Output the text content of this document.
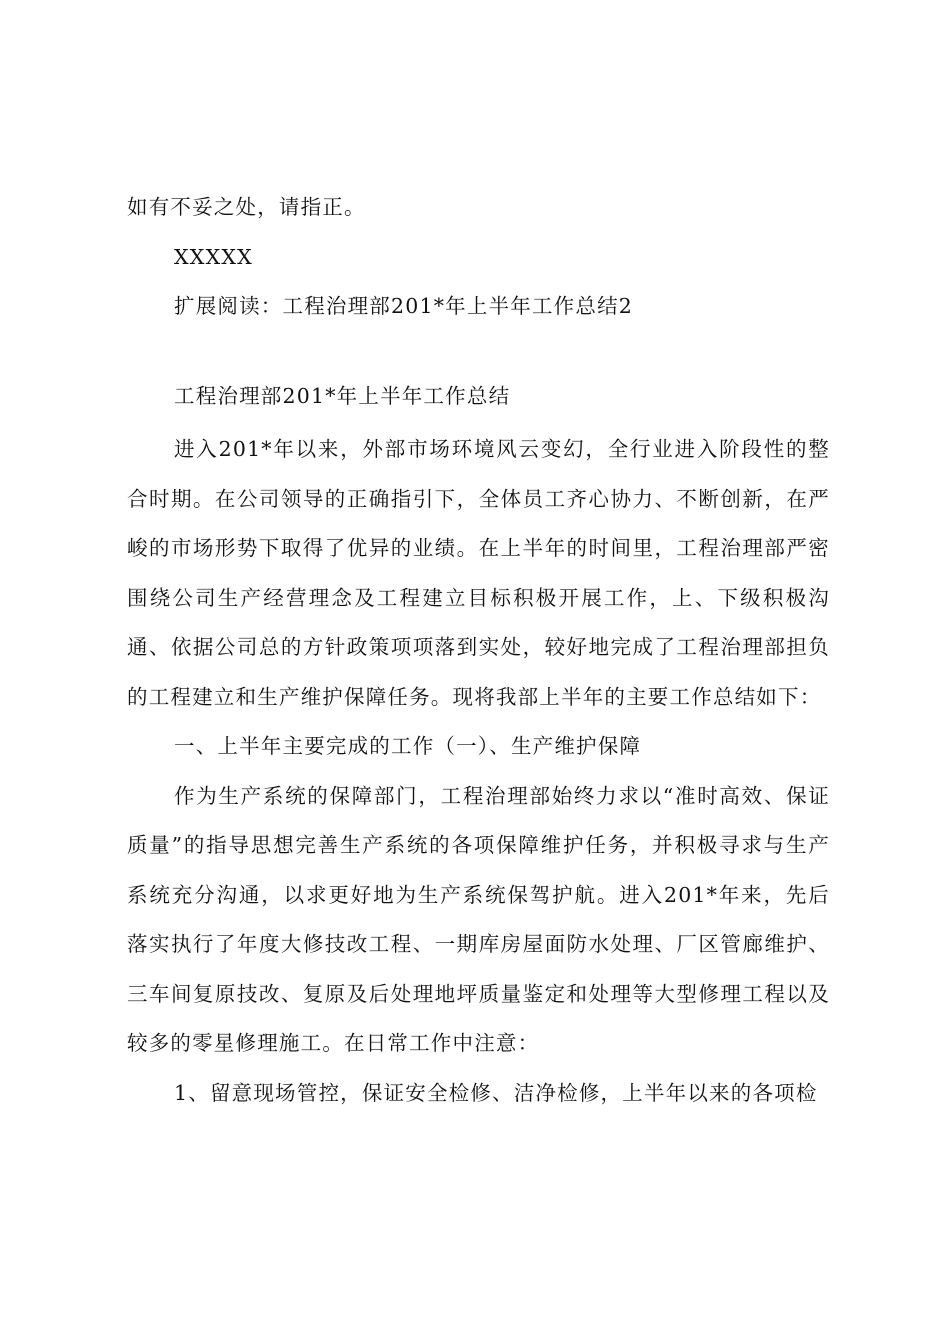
如有不妥之处，请指正。
XXXXX
扩展阅读：工程治理部201*年上半年工作总结2
工程治理部201*年上半年工作总结

进入201*年以来，外部市场环境风云变幻，全行业进入阶段性的整合时期。在公司领导的正确指引下，全体员工齐心协力、不断创新，在严峻的市场形势下取得了优异的业绩。在上半年的时间里，工程治理部严密围绕公司生产经营理念及工程建立目标积极开展工作，上、下级积极沟通、依据公司总的方针政策项项落到实处，较好地完成了工程治理部担负的工程建立和生产维护保障任务。现将我部上半年的主要工作总结如下：

一、上半年主要完成的工作（一）、生产维护保障

作为生产系统的保障部门，工程治理部始终力求以“准时高效、保证质量”的指导思想完善生产系统的各项保障维护任务，并积极寻求与生产系统充分沟通，以求更好地为生产系统保驾护航。进入201*年来，先后落实执行了年度大修技改工程、一期库房屋面防水处理、厂区管廊维护、三车间复原技改、复原及后处理地坪质量鉴定和处理等大型修理工程以及较多的零星修理施工。在日常工作中注意：

1、留意现场管控，保证安全检修、洁净检修，上半年以来的各项检
